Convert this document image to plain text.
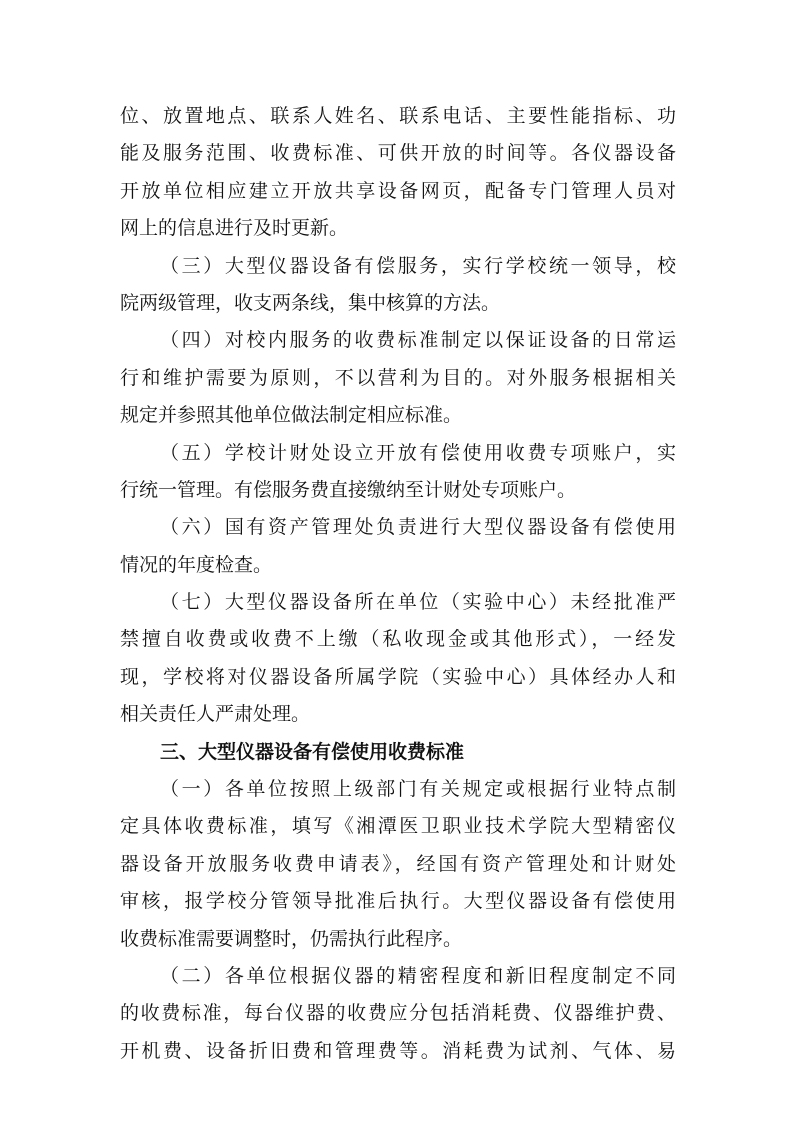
位、放置地点、联系人姓名、联系电话、主要性能指标、功
能及服务范围、收费标准、可供开放的时间等。各仪器设备
开放单位相应建立开放共享设备网页，配备专门管理人员对
网上的信息进行及时更新。
（三）大型仪器设备有偿服务，实行学校统一领导，校
院两级管理，收支两条线，集中核算的方法。
（四）对校内服务的收费标准制定以保证设备的日常运
行和维护需要为原则，不以营利为目的。对外服务根据相关
规定并参照其他单位做法制定相应标准。
（五）学校计财处设立开放有偿使用收费专项账户，实
行统一管理。有偿服务费直接缴纳至计财处专项账户。
（六）国有资产管理处负责进行大型仪器设备有偿使用
情况的年度检查。
（七）大型仪器设备所在单位（实验中心）未经批准严
禁擅自收费或收费不上缴（私收现金或其他形式），一经发
现，学校将对仪器设备所属学院（实验中心）具体经办人和
相关责任人严肃处理。
三、大型仪器设备有偿使用收费标准
（一）各单位按照上级部门有关规定或根据行业特点制
定具体收费标准，填写《湘潭医卫职业技术学院大型精密仪
器设备开放服务收费申请表》，经国有资产管理处和计财处
审核，报学校分管领导批准后执行。大型仪器设备有偿使用
收费标准需要调整时，仍需执行此程序。
（二）各单位根据仪器的精密程度和新旧程度制定不同
的收费标准，每台仪器的收费应分包括消耗费、仪器维护费、
开机费、设备折旧费和管理费等。消耗费为试剂、气体、易
